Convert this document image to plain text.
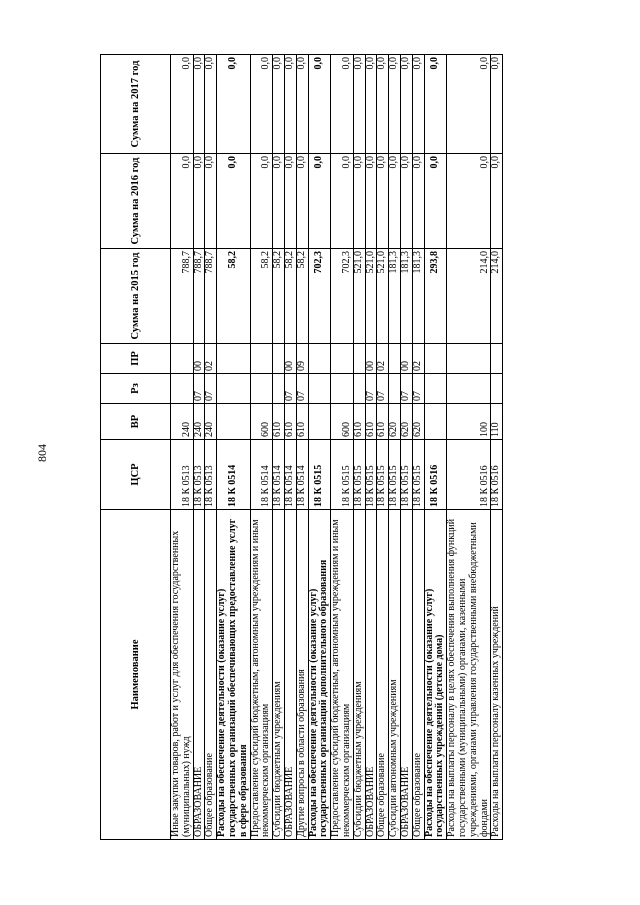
804
Наименование	ЦСР	ВР	Рз	ПР	Сумма на 2015 год	Сумма на 2016 год	Сумма на 2017 год
Иные закупки товаров, работ и услуг для обеспечения государственных (муниципальных) нужд	18 К 0513	240			788,7	0,0	0,0
ОБРАЗОВАНИЕ	18 К 0513	240	07	00	788,7	0,0	0,0
Общее образование	18 К 0513	240	07	02	788,7	0,0	0,0
Расходы на обеспечение деятельности (оказание услуг) государственных организаций обеспечивающих предоставление услуг в сфере образования	18 К 0514				58,2	0,0	0,0
Предоставление субсидий бюджетным, автономным учреждениям и иным некоммерческим организациям	18 К 0514	600			58,2	0,0	0,0
Субсидии бюджетным учреждениям	18 К 0514	610			58,2	0,0	0,0
ОБРАЗОВАНИЕ	18 К 0514	610	07	00	58,2	0,0	0,0
Другие вопросы в области образования	18 К 0514	610	07	09	58,2	0,0	0,0
Расходы на обеспечение деятельности (оказание услуг) государственных организаций дополнительного образования	18 К 0515				702,3	0,0	0,0
Предоставление субсидий бюджетным, автономным учреждениям и иным некоммерческим организациям	18 К 0515	600			702,3	0,0	0,0
Субсидии бюджетным учреждениям	18 К 0515	610			521,0	0,0	0,0
ОБРАЗОВАНИЕ	18 К 0515	610	07	00	521,0	0,0	0,0
Общее образование	18 К 0515	610	07	02	521,0	0,0	0,0
Субсидии автономным учреждениям	18 К 0515	620			181,3	0,0	0,0
ОБРАЗОВАНИЕ	18 К 0515	620	07	00	181,3	0,0	0,0
Общее образование	18 К 0515	620	07	02	181,3	0,0	0,0
Расходы на обеспечение деятельности (оказание услуг) государственных учреждений (детские дома)	18 К 0516				293,8	0,0	0,0
Расходы на выплаты персоналу в целях обеспечения выполнения функций государственными (муниципальными) органами, казенными учреждениями, органами управления государственными внебюджетными фондами	18 К 0516	100			214,0	0,0	0,0
Расходы на выплаты персоналу казенных учреждений	18 К 0516	110			214,0	0,0	0,0
